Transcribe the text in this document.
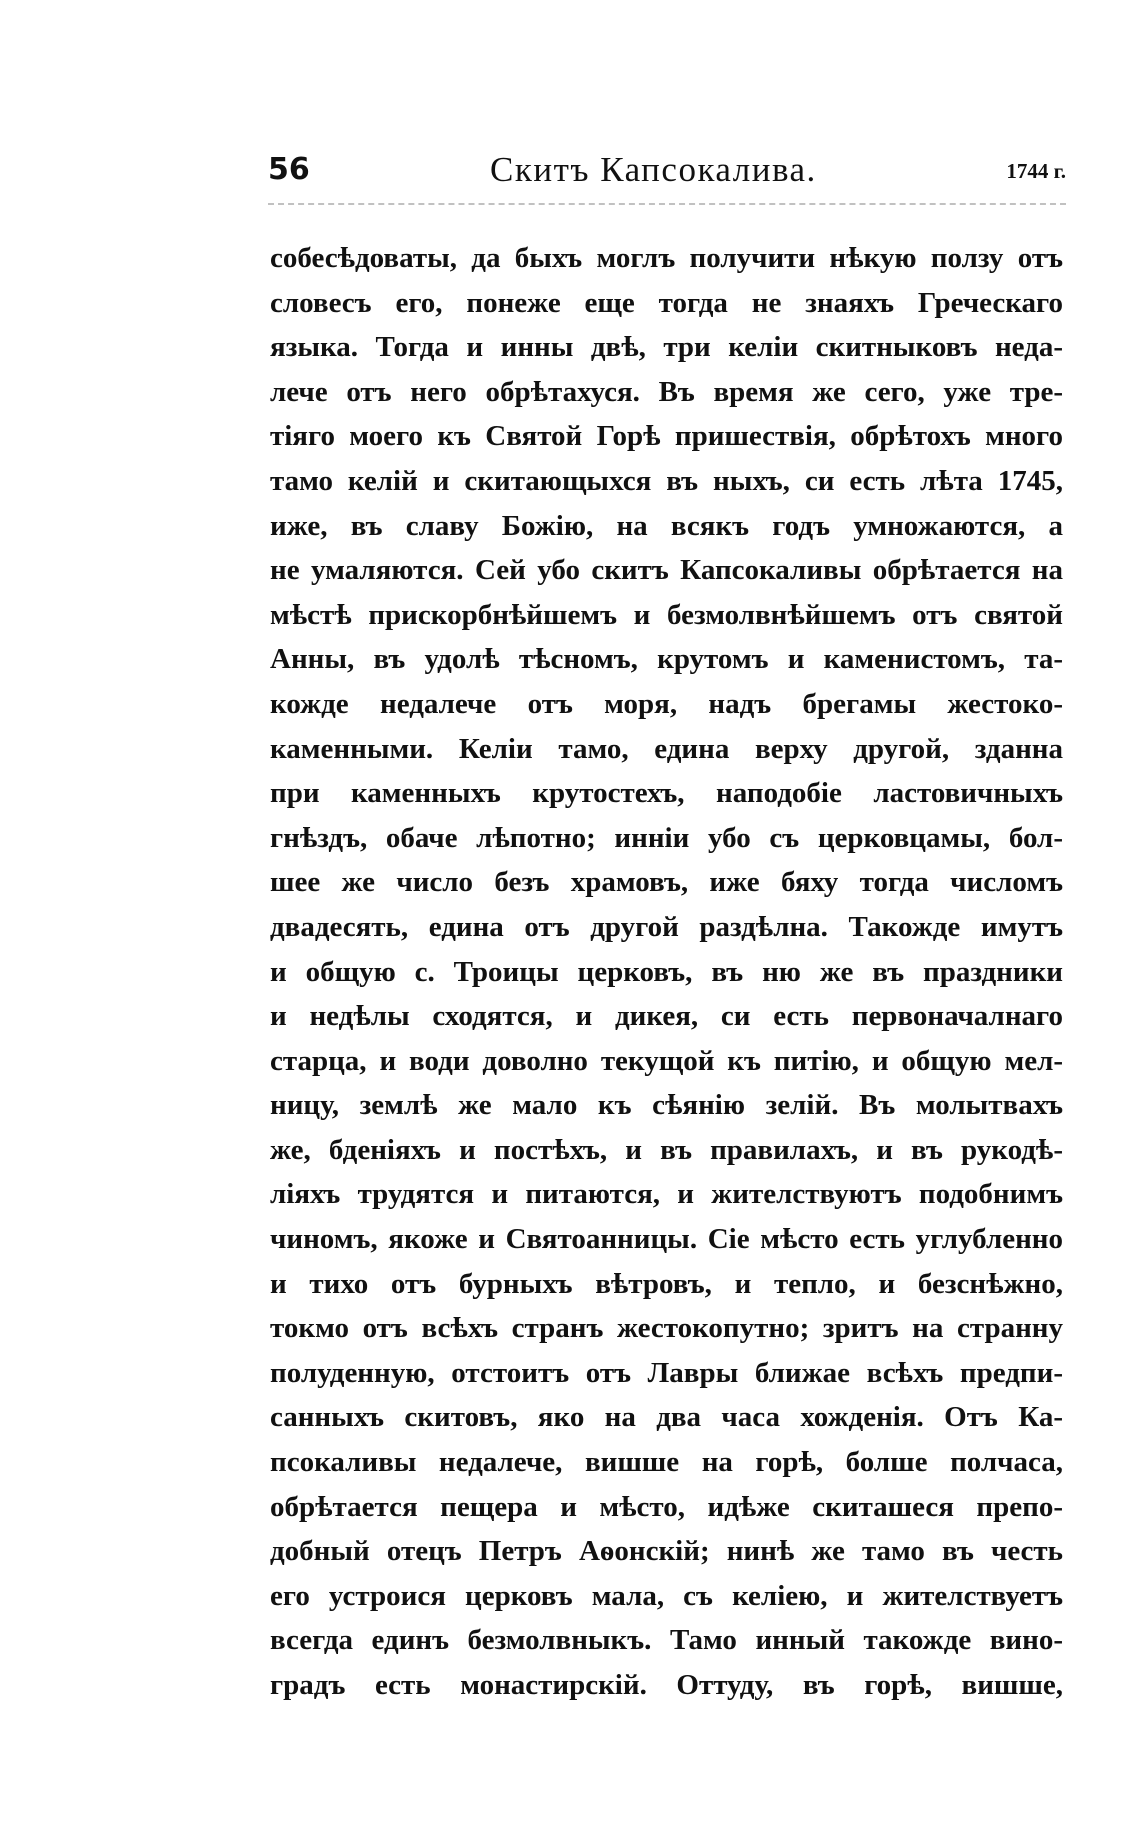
56	Скитъ Капсокалива.	1744 г.
собесѣдоваты, да быхъ моглъ получити нѣкую ползу отъ
словесъ его, понеже еще тогда не знаяхъ Греческаго
языка. Тогда и инны двѣ, три келiи скитныковъ неда-
лече отъ него обрѣтахуся. Въ время же сего, уже тре-
тiяго моего къ Святой Горѣ пришествiя, обрѣтохъ много
тамо келiй и скитающыхся въ ныхъ, си есть лѣта 1745,
иже, въ славу Божiю, на всякъ годъ умножаются, а
не умаляются. Сей убо скитъ Капсокаливы обрѣтается на
мѣстѣ прискорбнѣйшемъ и безмолвнѣйшемъ отъ святой
Анны, въ удолѣ тѣсномъ, крутомъ и каменистомъ, та-
кожде недалече отъ моря, надъ брегамы жестоко-
каменными. Келiи тамо, едина верху другой, зданна
при каменныхъ крутостехъ, наподобiе ластовичныхъ
гнѣздъ, обаче лѣпотно; инніи убо съ церковцамы, бол-
шее же число безъ храмовъ, иже бяху тогда числомъ
двадесять, едина отъ другой раздѣлна. Такожде имутъ
и общую с. Троицы церковъ, въ ню же въ праздники
и недѣлы сходятся, и дикея, си есть первоначалнаго
старца, и води доволно текущой къ питiю, и общую мел-
ницу, землѣ же мало къ сѣянiю зелiй. Въ молытвахъ
же, бденiяхъ и постѣхъ, и въ правилахъ, и въ рукодѣ-
лiяхъ трудятся и питаются, и жителствуютъ подобнимъ
чиномъ, якоже и Святоанницы. Сiе мѣсто есть углубленно
и тихо отъ бурныхъ вѣтровъ, и тепло, и безснѣжно,
токмо отъ всѣхъ странъ жестокопутно; зритъ на странну
полуденную, отстоитъ отъ Лавры ближае всѣхъ предпи-
санныхъ скитовъ, яко на два часа хожденiя. Отъ Ка-
псокаливы недалече, вишше на горѣ, болше полчаса,
обрѣтается пещера и мѣсто, идѣже скиташеся препо-
добный отецъ Петръ Аѳонскiй; нинѣ же тамо въ честь
его устроися церковъ мала, съ келiею, и жителствуетъ
всегда единъ безмолвныкъ. Тамо инный такожде вино-
градъ есть монастирскiй. Оттуду, въ горѣ, вишше,
